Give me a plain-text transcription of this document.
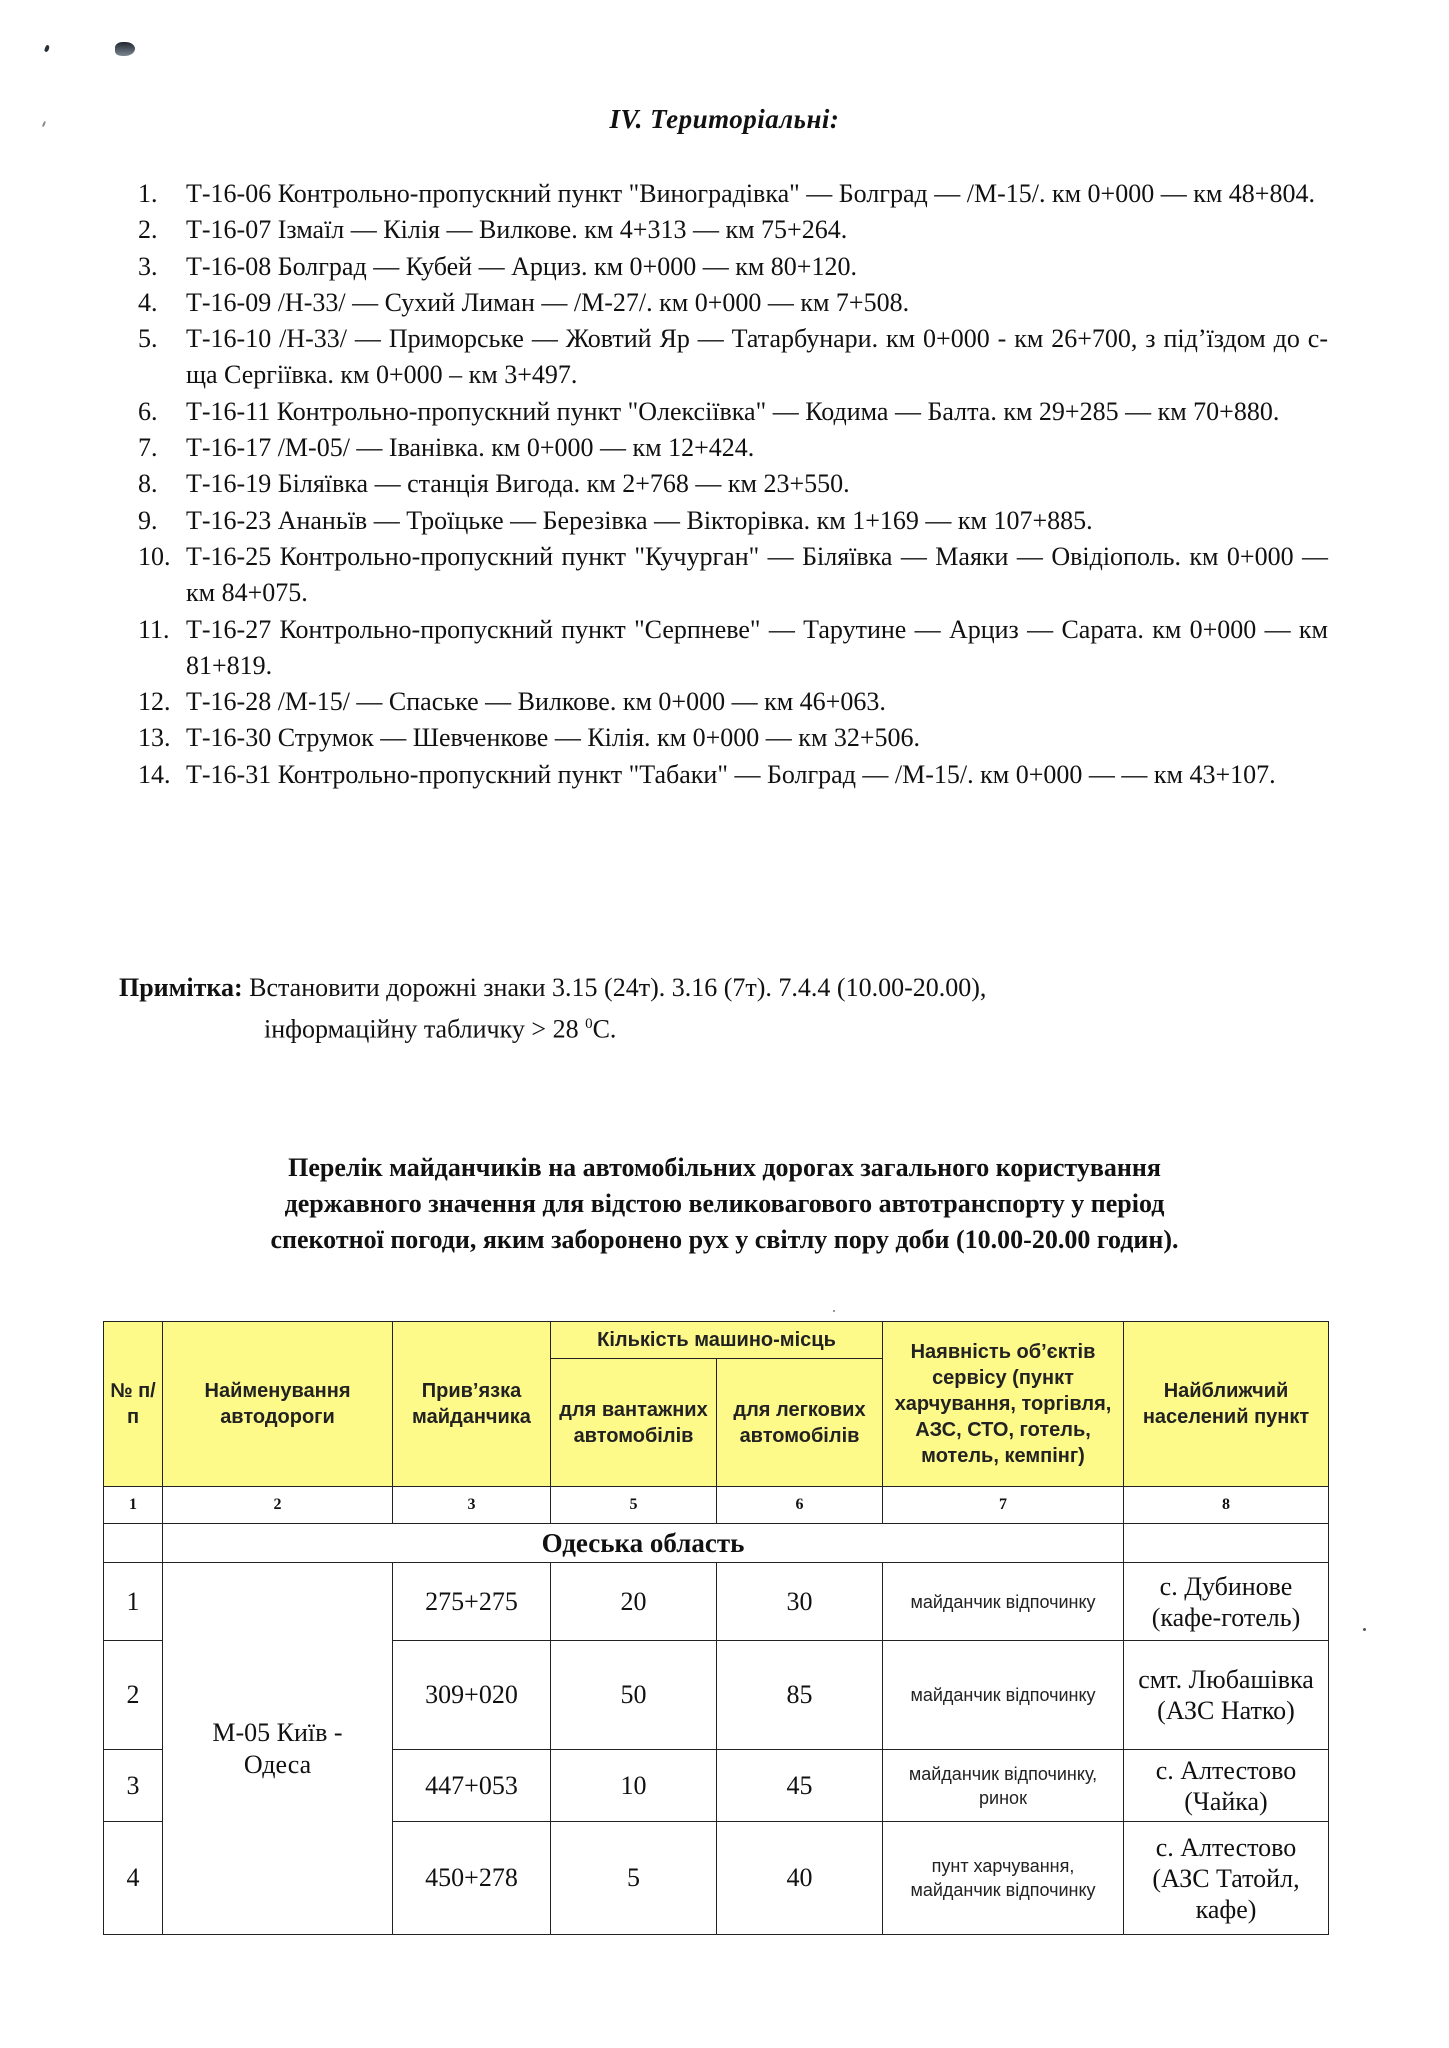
IV. Територіальні:
1. Т-16-06 Контрольно-пропускний пункт "Виноградівка" — Болград — /М-15/. км 0+000 — км 48+804.
2. Т-16-07 Ізмаїл — Кілія — Вилкове. км 4+313 — км 75+264.
3. Т-16-08 Болград — Кубей — Арциз. км 0+000 — км 80+120.
4. Т-16-09 /Н-33/ — Сухий Лиман — /М-27/. км 0+000 — км 7+508.
5. Т-16-10 /Н-33/ — Приморське — Жовтий Яр — Татарбунари. км 0+000 - км 26+700, з під’їздом до с-ща Сергіївка. км 0+000 – км 3+497.
6. Т-16-11 Контрольно-пропускний пункт "Олексіївка" — Кодима — Балта. км 29+285 — км 70+880.
7. Т-16-17 /М-05/ — Іванівка. км 0+000 — км 12+424.
8. Т-16-19 Біляївка — станція Вигода. км 2+768 — км 23+550.
9. Т-16-23 Ананьїв — Троїцьке — Березівка — Вікторівка. км 1+169 — км 107+885.
10. Т-16-25 Контрольно-пропускний пункт "Кучурган" — Біляївка — Маяки — Овідіополь. км 0+000 — км 84+075.
11. Т-16-27 Контрольно-пропускний пункт "Серпневе" — Тарутине — Арциз — Сарата. км 0+000 — км 81+819.
12. Т-16-28 /М-15/ — Спаське — Вилкове. км 0+000 — км 46+063.
13. Т-16-30 Струмок — Шевченкове — Кілія. км 0+000 — км 32+506.
14. Т-16-31 Контрольно-пропускний пункт "Табаки" — Болград — /М-15/. км 0+000 — — км 43+107.
Примітка: Встановити дорожні знаки 3.15 (24т). 3.16 (7т). 7.4.4 (10.00-20.00),
інформаційну табличку > 28 $^0$С.
Перелік майданчиків на автомобільних дорогах загального користування
державного значення для відстою великовагового автотранспорту у період
спекотної погоди, яким заборонено рух у світлу пору доби (10.00-20.00 годин).
№ п/п	Найменування автодороги	Прив’язка майданчика	Кількість машино-місць		Наявність об’єктів сервісу (пункт харчування, торгівля, АЗС, СТО, готель, мотель, кемпінг)	Найближчий населений пункт
			для вантажних автомобілів	для легкових автомобілів		
1	2	3	5	6	7	8
	Одеська область					
1	М-05 Київ - Одеса	275+275	20	30	майданчик відпочинку	с. Дубинове (кафе-готель)
2		309+020	50	85	майданчик відпочинку	смт. Любашівка (АЗС Натко)
3		447+053	10	45	майданчик відпочинку, ринок	с. Алтестово (Чайка)
4		450+278	5	40	пунт харчування, майданчик відпочинку	с. Алтестово (АЗС Татойл, кафе)
